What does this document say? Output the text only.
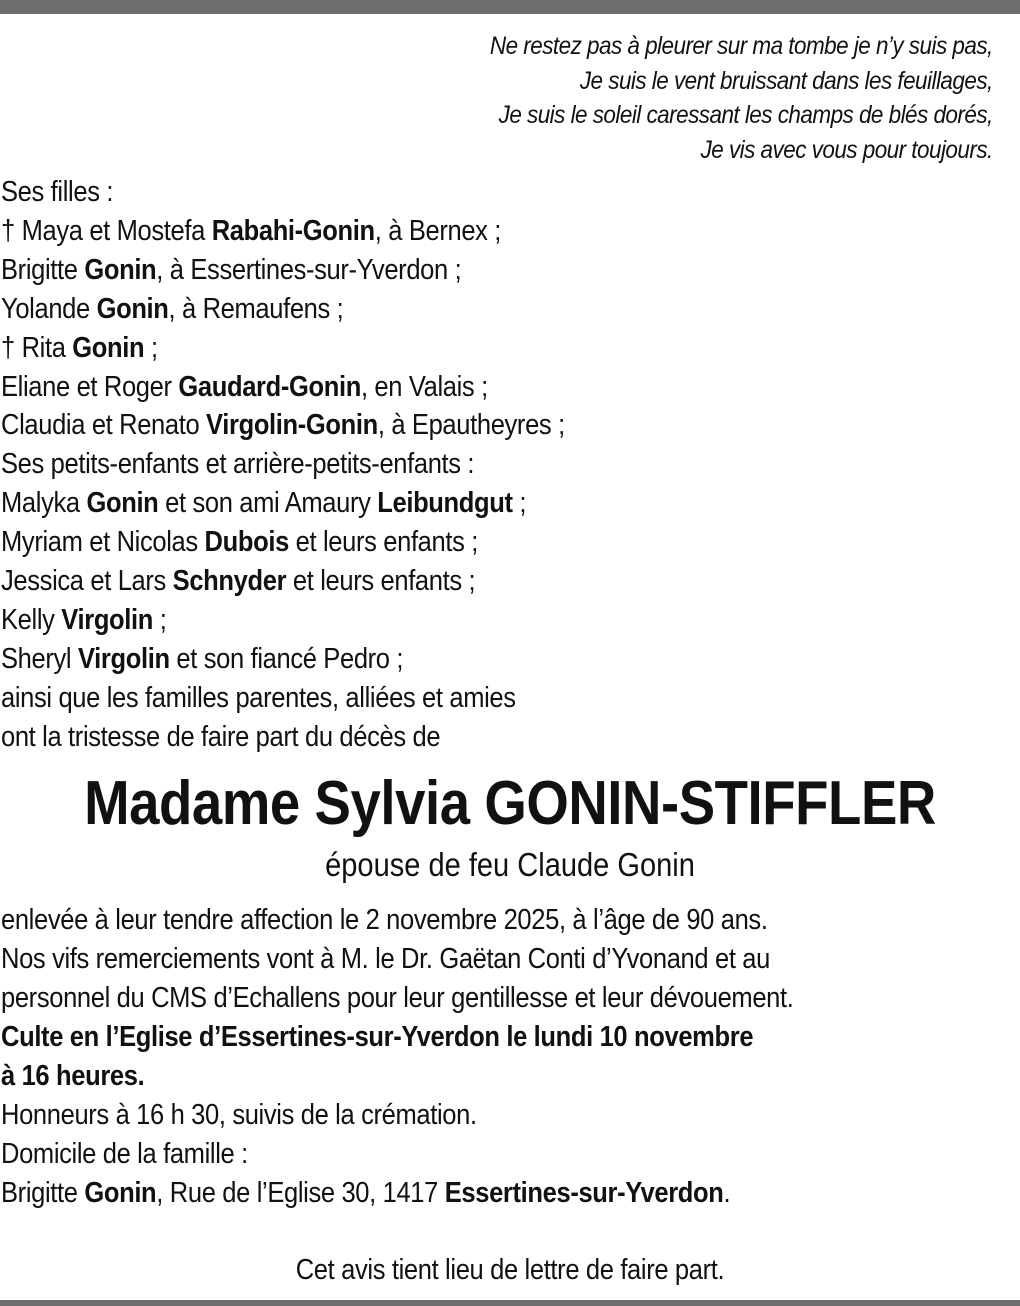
Ne restez pas à pleurer sur ma tombe je n’y suis pas,
Je suis le vent bruissant dans les feuillages,
Je suis le soleil caressant les champs de blés dorés,
Je vis avec vous pour toujours.
Ses filles :
† Maya et Mostefa Rabahi-Gonin, à Bernex ;
Brigitte Gonin, à Essertines-sur-Yverdon ;
Yolande Gonin, à Remaufens ;
† Rita Gonin ;
Eliane et Roger Gaudard-Gonin, en Valais ;
Claudia et Renato Virgolin-Gonin, à Epautheyres ;
Ses petits-enfants et arrière-petits-enfants :
Malyka Gonin et son ami Amaury Leibundgut ;
Myriam et Nicolas Dubois et leurs enfants ;
Jessica et Lars Schnyder et leurs enfants ;
Kelly Virgolin ;
Sheryl Virgolin et son fiancé Pedro ;
ainsi que les familles parentes, alliées et amies
ont la tristesse de faire part du décès de
Madame Sylvia GONIN-STIFFLER
épouse de feu Claude Gonin
enlevée à leur tendre affection le 2 novembre 2025, à l’âge de 90 ans.
Nos vifs remerciements vont à M. le Dr. Gaëtan Conti d’Yvonand et au
personnel du CMS d’Echallens pour leur gentillesse et leur dévouement.
Culte en l’Eglise d’Essertines-sur-Yverdon le lundi 10 novembre
à 16 heures.
Honneurs à 16 h 30, suivis de la crémation.
Domicile de la famille :
Brigitte Gonin, Rue de l’Eglise 30, 1417 Essertines-sur-Yverdon.
Cet avis tient lieu de lettre de faire part.
